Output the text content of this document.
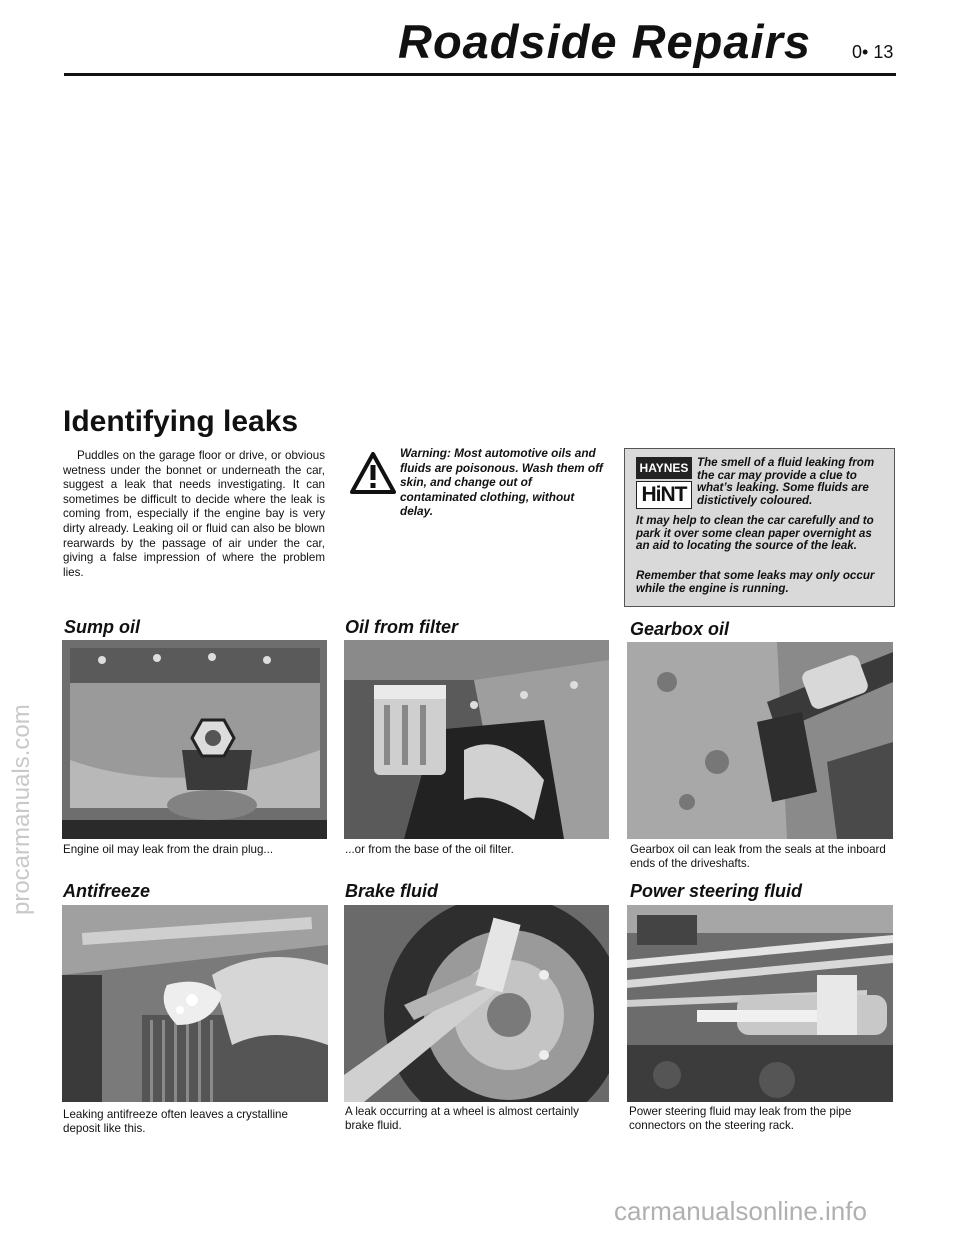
Roadside Repairs 0• 13
procarmanuals.com
Identifying leaks

Puddles on the garage floor or drive, or obvious wetness under the bonnet or underneath the car, suggest a leak that needs investigating. It can sometimes be difficult to decide where the leak is coming from, especially if the engine bay is very dirty already. Leaking oil or fluid can also be blown rearwards by the passage of air under the car, giving a false impression of where the problem lies.

Warning: Most automotive oils and fluids are poisonous. Wash them off skin, and change out of contaminated clothing, without delay.
HAYNES
HiNT

The smell of a fluid leaking from the car may provide a clue to what’s leaking. Some fluids are distictively coloured.

It may help to clean the car carefully and to park it over some clean paper overnight as an aid to locating the source of the leak.

Remember that some leaks may only occur while the engine is running.

Sump oil	Oil from filter	Gearbox oil
Engine oil may leak from the drain plug...	...or from the base of the oil filter.	Gearbox oil can leak from the seals at the inboard ends of the driveshafts.
Antifreeze	Brake fluid	Power steering fluid
Leaking antifreeze often leaves a crystalline deposit like this.
A leak occurring at a wheel is almost certainly brake fluid.
Power steering fluid may leak from the pipe connectors on the steering rack.
carmanualsonline.info
